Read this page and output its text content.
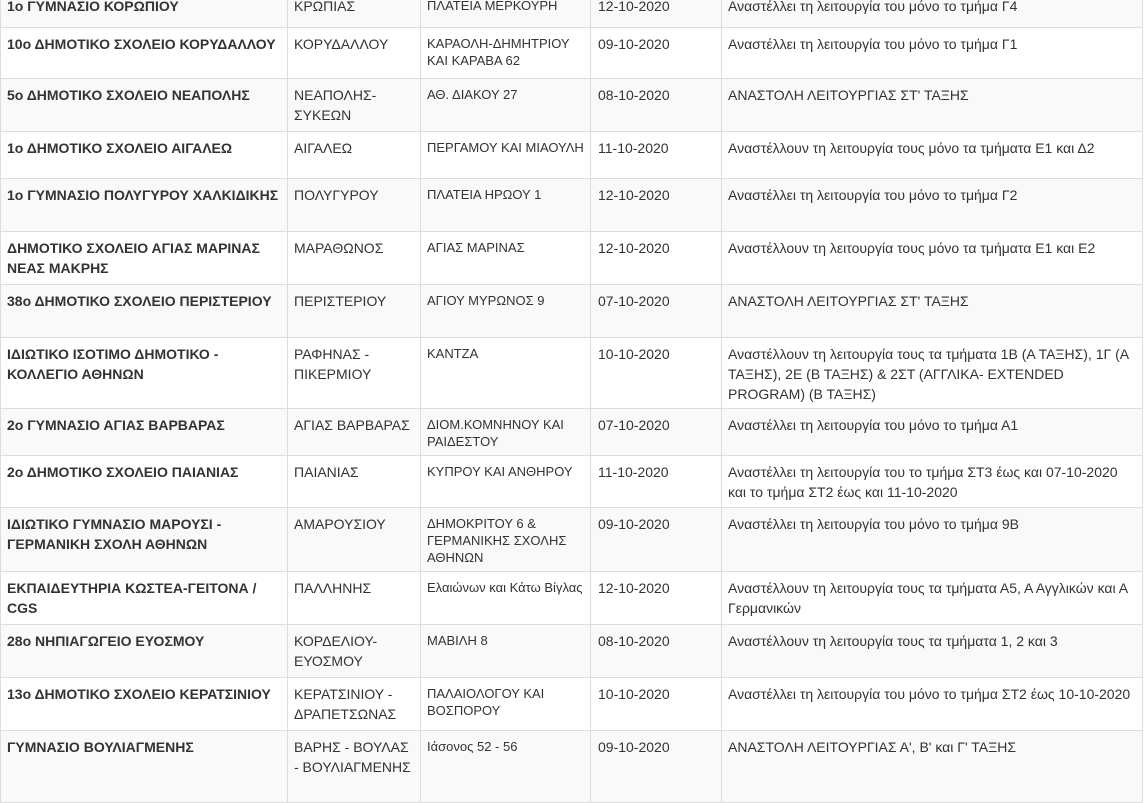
1ο ΓΥΜΝΑΣΙΟ ΚΟΡΩΠΙΟΥ	ΚΡΩΠΙΑΣ	ΠΛΑΤΕΙΑ ΜΕΡΚΟΥΡΗ	12-10-2020	Αναστέλλει τη λειτουργία του μόνο το τμήμα Γ4
10ο ΔΗΜΟΤΙΚΟ ΣΧΟΛΕΙΟ ΚΟΡΥΔΑΛΛΟΥ	ΚΟΡΥΔΑΛΛΟΥ	ΚΑΡΑΟΛΗ-ΔΗΜΗΤΡΙΟΥ ΚΑΙ ΚΑΡΑΒΑ 62	09-10-2020	Αναστέλλει τη λειτουργία του μόνο το τμήμα Γ1
5ο ΔΗΜΟΤΙΚΟ ΣΧΟΛΕΙΟ ΝΕΑΠΟΛΗΣ	ΝΕΑΠΟΛΗΣ-ΣΥΚΕΩΝ	ΑΘ. ΔΙΑΚΟΥ 27	08-10-2020	ΑΝΑΣΤΟΛΗ ΛΕΙΤΟΥΡΓΙΑΣ ΣΤ' ΤΑΞΗΣ
1ο ΔΗΜΟΤΙΚΟ ΣΧΟΛΕΙΟ ΑΙΓΑΛΕΩ	ΑΙΓΑΛΕΩ	ΠΕΡΓΑΜΟΥ ΚΑΙ ΜΙΑΟΥΛΗ	11-10-2020	Αναστέλλουν τη λειτουργία τους μόνο τα τμήματα Ε1 και Δ2
1ο ΓΥΜΝΑΣΙΟ ΠΟΛΥΓΥΡΟΥ ΧΑΛΚΙΔΙΚΗΣ	ΠΟΛΥΓΥΡΟΥ	ΠΛΑΤΕΙΑ ΗΡΩΟΥ 1	12-10-2020	Αναστέλλει τη λειτουργία του μόνο το τμήμα Γ2
ΔΗΜΟΤΙΚΟ ΣΧΟΛΕΙΟ ΑΓΙΑΣ ΜΑΡΙΝΑΣ ΝΕΑΣ ΜΑΚΡΗΣ	ΜΑΡΑΘΩΝΟΣ	ΑΓΙΑΣ ΜΑΡΙΝΑΣ	12-10-2020	Αναστέλλουν τη λειτουργία τους μόνο τα τμήματα Ε1 και Ε2
38ο ΔΗΜΟΤΙΚΟ ΣΧΟΛΕΙΟ ΠΕΡΙΣΤΕΡΙΟΥ	ΠΕΡΙΣΤΕΡΙΟΥ	ΑΓΙΟΥ ΜΥΡΩΝΟΣ 9	07-10-2020	ΑΝΑΣΤΟΛΗ ΛΕΙΤΟΥΡΓΙΑΣ ΣΤ' ΤΑΞΗΣ
ΙΔΙΩΤΙΚΟ ΙΣΟΤΙΜΟ ΔΗΜΟΤΙΚΟ - ΚΟΛΛΕΓΙΟ ΑΘΗΝΩΝ	ΡΑΦΗΝΑΣ - ΠΙΚΕΡΜΙΟΥ	ΚΑΝΤΖΑ	10-10-2020	Αναστέλλουν τη λειτουργία τους τα τμήματα 1Β (Α ΤΑΞΗΣ), 1Γ (Α ΤΑΞΗΣ), 2Ε (Β ΤΑΞΗΣ) & 2ΣΤ (ΑΓΓΛΙΚΑ- EXTENDED PROGRAM) (Β ΤΑΞΗΣ)
2ο ΓΥΜΝΑΣΙΟ ΑΓΙΑΣ ΒΑΡΒΑΡΑΣ	ΑΓΙΑΣ ΒΑΡΒΑΡΑΣ	ΔΙΟΜ.ΚΟΜΝΗΝΟΥ ΚΑΙ ΡΑΙΔΕΣΤΟΥ	07-10-2020	Αναστέλλει τη λειτουργία του μόνο το τμήμα Α1
2ο ΔΗΜΟΤΙΚΟ ΣΧΟΛΕΙΟ ΠΑΙΑΝΙΑΣ	ΠΑΙΑΝΙΑΣ	ΚΥΠΡΟΥ ΚΑΙ ΑΝΘΗΡΟΥ	11-10-2020	Αναστέλλει τη λειτουργία του το τμήμα ΣΤ3 έως και 07-10-2020 και το τμήμα ΣΤ2 έως και 11-10-2020
ΙΔΙΩΤΙΚΟ ΓΥΜΝΑΣΙΟ ΜΑΡΟΥΣΙ - ΓΕΡΜΑΝΙΚΗ ΣΧΟΛΗ ΑΘΗΝΩΝ	ΑΜΑΡΟΥΣΙΟΥ	ΔΗΜΟΚΡΙΤΟΥ 6 & ΓΕΡΜΑΝΙΚΗΣ ΣΧΟΛΗΣ ΑΘΗΝΩΝ	09-10-2020	Αναστέλλει τη λειτουργία του μόνο το τμήμα 9Β
ΕΚΠΑΙΔΕΥΤΗΡΙΑ ΚΩΣΤΕΑ-ΓΕΙΤΟΝΑ / CGS	ΠΑΛΛΗΝΗΣ	Ελαιώνων και Κάτω Βίγλας	12-10-2020	Αναστέλλουν τη λειτουργία τους τα τμήματα Α5, Α Αγγλικών και Α Γερμανικών
28ο ΝΗΠΙΑΓΩΓΕΙΟ ΕΥΟΣΜΟΥ	ΚΟΡΔΕΛΙΟΥ-ΕΥΟΣΜΟΥ	ΜΑΒΙΛΗ 8	08-10-2020	Αναστέλλουν τη λειτουργία τους τα τμήματα 1, 2 και 3
13ο ΔΗΜΟΤΙΚΟ ΣΧΟΛΕΙΟ ΚΕΡΑΤΣΙΝΙΟΥ	ΚΕΡΑΤΣΙΝΙΟΥ - ΔΡΑΠΕΤΣΩΝΑΣ	ΠΑΛΑΙΟΛΟΓΟΥ ΚΑΙ ΒΟΣΠΟΡΟΥ	10-10-2020	Αναστέλλει τη λειτουργία του μόνο το τμήμα ΣΤ2 έως 10-10-2020
ΓΥΜΝΑΣΙΟ ΒΟΥΛΙΑΓΜΕΝΗΣ	ΒΑΡΗΣ - ΒΟΥΛΑΣ - ΒΟΥΛΙΑΓΜΕΝΗΣ	Ιάσονος 52 - 56	09-10-2020	ΑΝΑΣΤΟΛΗ ΛΕΙΤΟΥΡΓΙΑΣ Α', Β' και Γ' ΤΑΞΗΣ
